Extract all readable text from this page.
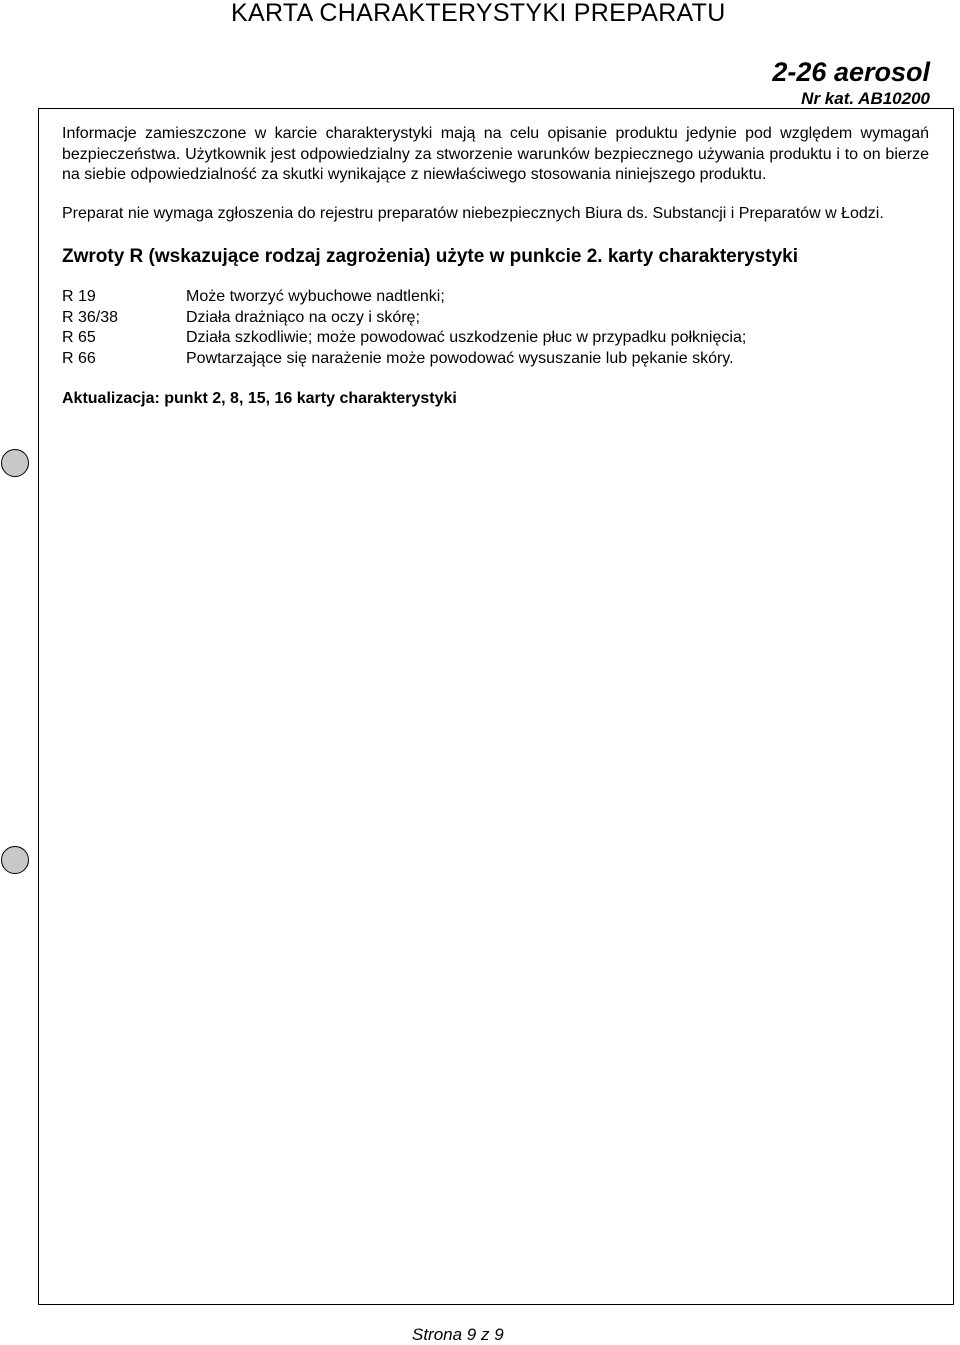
KARTA CHARAKTERYSTYKI PREPARATU
2-26 aerosol
Nr kat. AB10200

Informacje zamieszczone w karcie charakterystyki mają na celu opisanie produktu jedynie pod względem wymagań bezpieczeństwa. Użytkownik jest odpowiedzialny za stworzenie warunków bezpiecznego używania produktu i to on bierze na siebie odpowiedzialność za skutki wynikające z niewłaściwego stosowania niniejszego produktu.

Preparat nie wymaga zgłoszenia do rejestru preparatów niebezpiecznych Biura ds. Substancji i Preparatów w Łodzi.

Zwroty R (wskazujące rodzaj zagrożenia) użyte w punkcie 2. karty charakterystyki
R 19	Może tworzyć wybuchowe nadtlenki;
R 36/38	Działa drażniąco na oczy i skórę;
R 65	Działa szkodliwie; może powodować uszkodzenie płuc w przypadku połknięcia;
R 66	Powtarzające się narażenie może powodować wysuszanie lub pękanie skóry.
Aktualizacja: punkt 2, 8, 15, 16 karty charakterystyki
Strona 9 z 9
